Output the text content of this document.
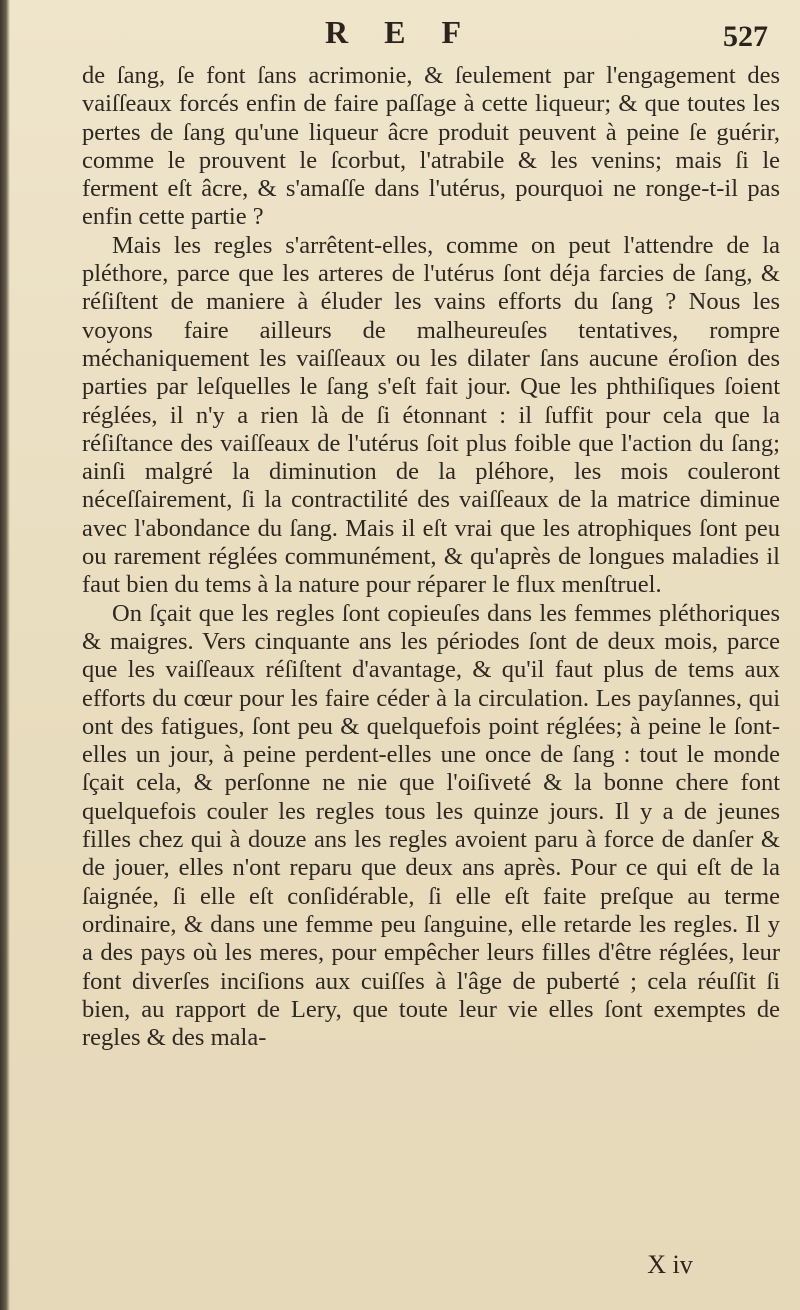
R E F	527

de ſang, ſe font ſans acrimonie, & ſeulement par l'engagement des vaiſſeaux forcés enfin de faire paſſage à cette liqueur; & que toutes les pertes de ſang qu'une liqueur âcre produit peuvent à peine ſe guérir, comme le prouvent le ſcorbut, l'atrabile & les venins; mais ſi le ferment eſt âcre, & s'amaſſe dans l'utérus, pourquoi ne ronge-t-il pas enfin cette partie ?

Mais les regles s'arrêtent-elles, comme on peut l'attendre de la pléthore, parce que les arteres de l'utérus ſont déja farcies de ſang, & réſiſtent de maniere à éluder les vains efforts du ſang ? Nous les voyons faire ailleurs de malheureuſes tentatives, rompre méchaniquement les vaiſſeaux ou les dilater ſans aucune éroſion des parties par leſquelles le ſang s'eſt fait jour. Que les phthiſiques ſoient réglées, il n'y a rien là de ſi étonnant : il ſuffit pour cela que la réſiſtance des vaiſſeaux de l'utérus ſoit plus foible que l'action du ſang; ainſi malgré la diminution de la pléhore, les mois couleront néceſſairement, ſi la contractilité des vaiſſeaux de la matrice diminue avec l'abondance du ſang. Mais il eſt vrai que les atrophiques ſont peu ou rarement réglées communément, & qu'après de longues maladies il faut bien du tems à la nature pour réparer le flux menſtruel.

On ſçait que les regles ſont copieuſes dans les femmes pléthoriques & maigres. Vers cinquante ans les périodes ſont de deux mois, parce que les vaiſſeaux réſiſtent d'avantage, & qu'il faut plus de tems aux efforts du cœur pour les faire céder à la circulation. Les payſannes, qui ont des fatigues, ſont peu & quelquefois point réglées; à peine le ſont-elles un jour, à peine perdent-elles une once de ſang : tout le monde ſçait cela, & perſonne ne nie que l'oiſiveté & la bonne chere font quelquefois couler les regles tous les quinze jours. Il y a de jeunes filles chez qui à douze ans les regles avoient paru à force de danſer & de jouer, elles n'ont reparu que deux ans après. Pour ce qui eſt de la ſaignée, ſi elle eſt conſidérable, ſi elle eſt faite preſque au terme ordinaire, & dans une femme peu ſanguine, elle retarde les regles. Il y a des pays où les meres, pour empêcher leurs filles d'être réglées, leur font diverſes inciſions aux cuiſſes à l'âge de puberté ; cela réuſſit ſi bien, au rapport de Lery, que toute leur vie elles ſont exemptes de regles & des mala-

X iv
